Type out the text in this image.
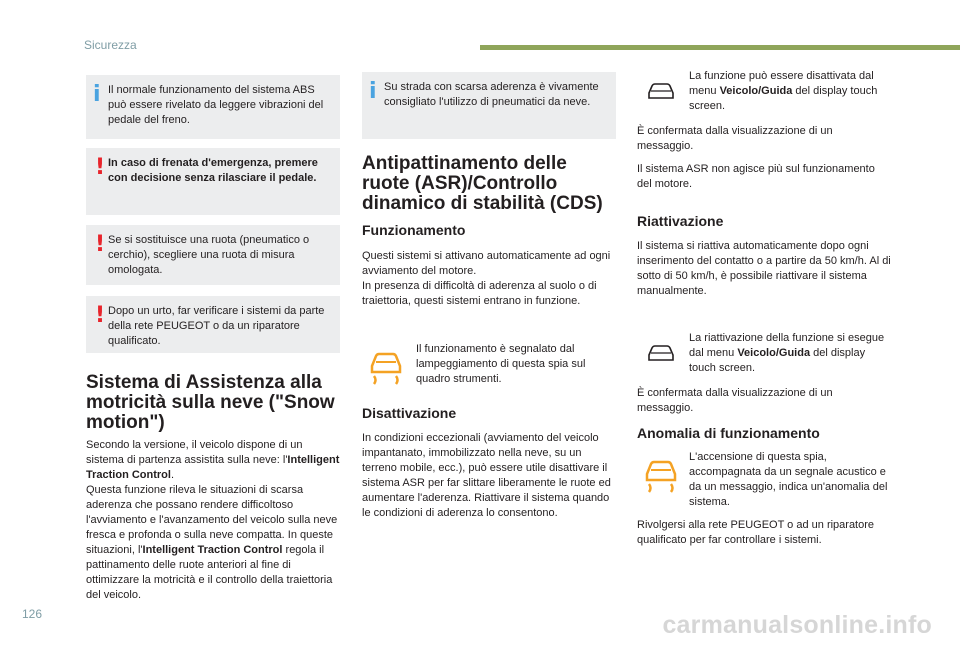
Sicurezza
i Il normale funzionamento del sistema ABS può essere rivelato da leggere vibrazioni del pedale del freno.
! In caso di frenata d'emergenza, premere con decisione senza rilasciare il pedale.
! Se si sostituisce una ruota (pneumatico o cerchio), scegliere una ruota di misura omologata.
! Dopo un urto, far verificare i sistemi da parte della rete PEUGEOT o da un riparatore qualificato.
Sistema di Assistenza alla motricità sulla neve ("Snow motion")
Secondo la versione, il veicolo dispone di un sistema di partenza assistita sulla neve: l'Intelligent Traction Control.
Questa funzione rileva le situazioni di scarsa aderenza che possano rendere difficoltoso l'avviamento e l'avanzamento del veicolo sulla neve fresca e profonda o sulla neve compatta. In queste situazioni, l'Intelligent Traction Control regola il pattinamento delle ruote anteriori al fine di ottimizzare la motricità e il controllo della traiettoria del veicolo.
i Su strada con scarsa aderenza è vivamente consigliato l'utilizzo di pneumatici da neve.
Antipattinamento delle ruote (ASR)/Controllo dinamico di stabilità (CDS)
Funzionamento
Questi sistemi si attivano automaticamente ad ogni avviamento del motore.
In presenza di difficoltà di aderenza al suolo o di traiettoria, questi sistemi entrano in funzione.
Il funzionamento è segnalato dal lampeggiamento di questa spia sul quadro strumenti.
Disattivazione
In condizioni eccezionali (avviamento del veicolo impantanato, immobilizzato nella neve, su un terreno mobile, ecc.), può essere utile disattivare il sistema ASR per far slittare liberamente le ruote ed aumentare l'aderenza. Riattivare il sistema quando le condizioni di aderenza lo consentono.
La funzione può essere disattivata dal menu Veicolo/Guida del display touch screen.
È confermata dalla visualizzazione di un messaggio.
Il sistema ASR non agisce più sul funzionamento del motore.
Riattivazione
Il sistema si riattiva automaticamente dopo ogni inserimento del contatto o a partire da 50 km/h. Al di sotto di 50 km/h, è possibile riattivare il sistema manualmente.
La riattivazione della funzione si esegue dal menu Veicolo/Guida del display touch screen.
È confermata dalla visualizzazione di un messaggio.
Anomalia di funzionamento
L'accensione di questa spia, accompagnata da un segnale acustico e da un messaggio, indica un'anomalia del sistema.
Rivolgersi alla rete PEUGEOT o ad un riparatore qualificato per far controllare i sistemi.
126	carmanualsonline.info
